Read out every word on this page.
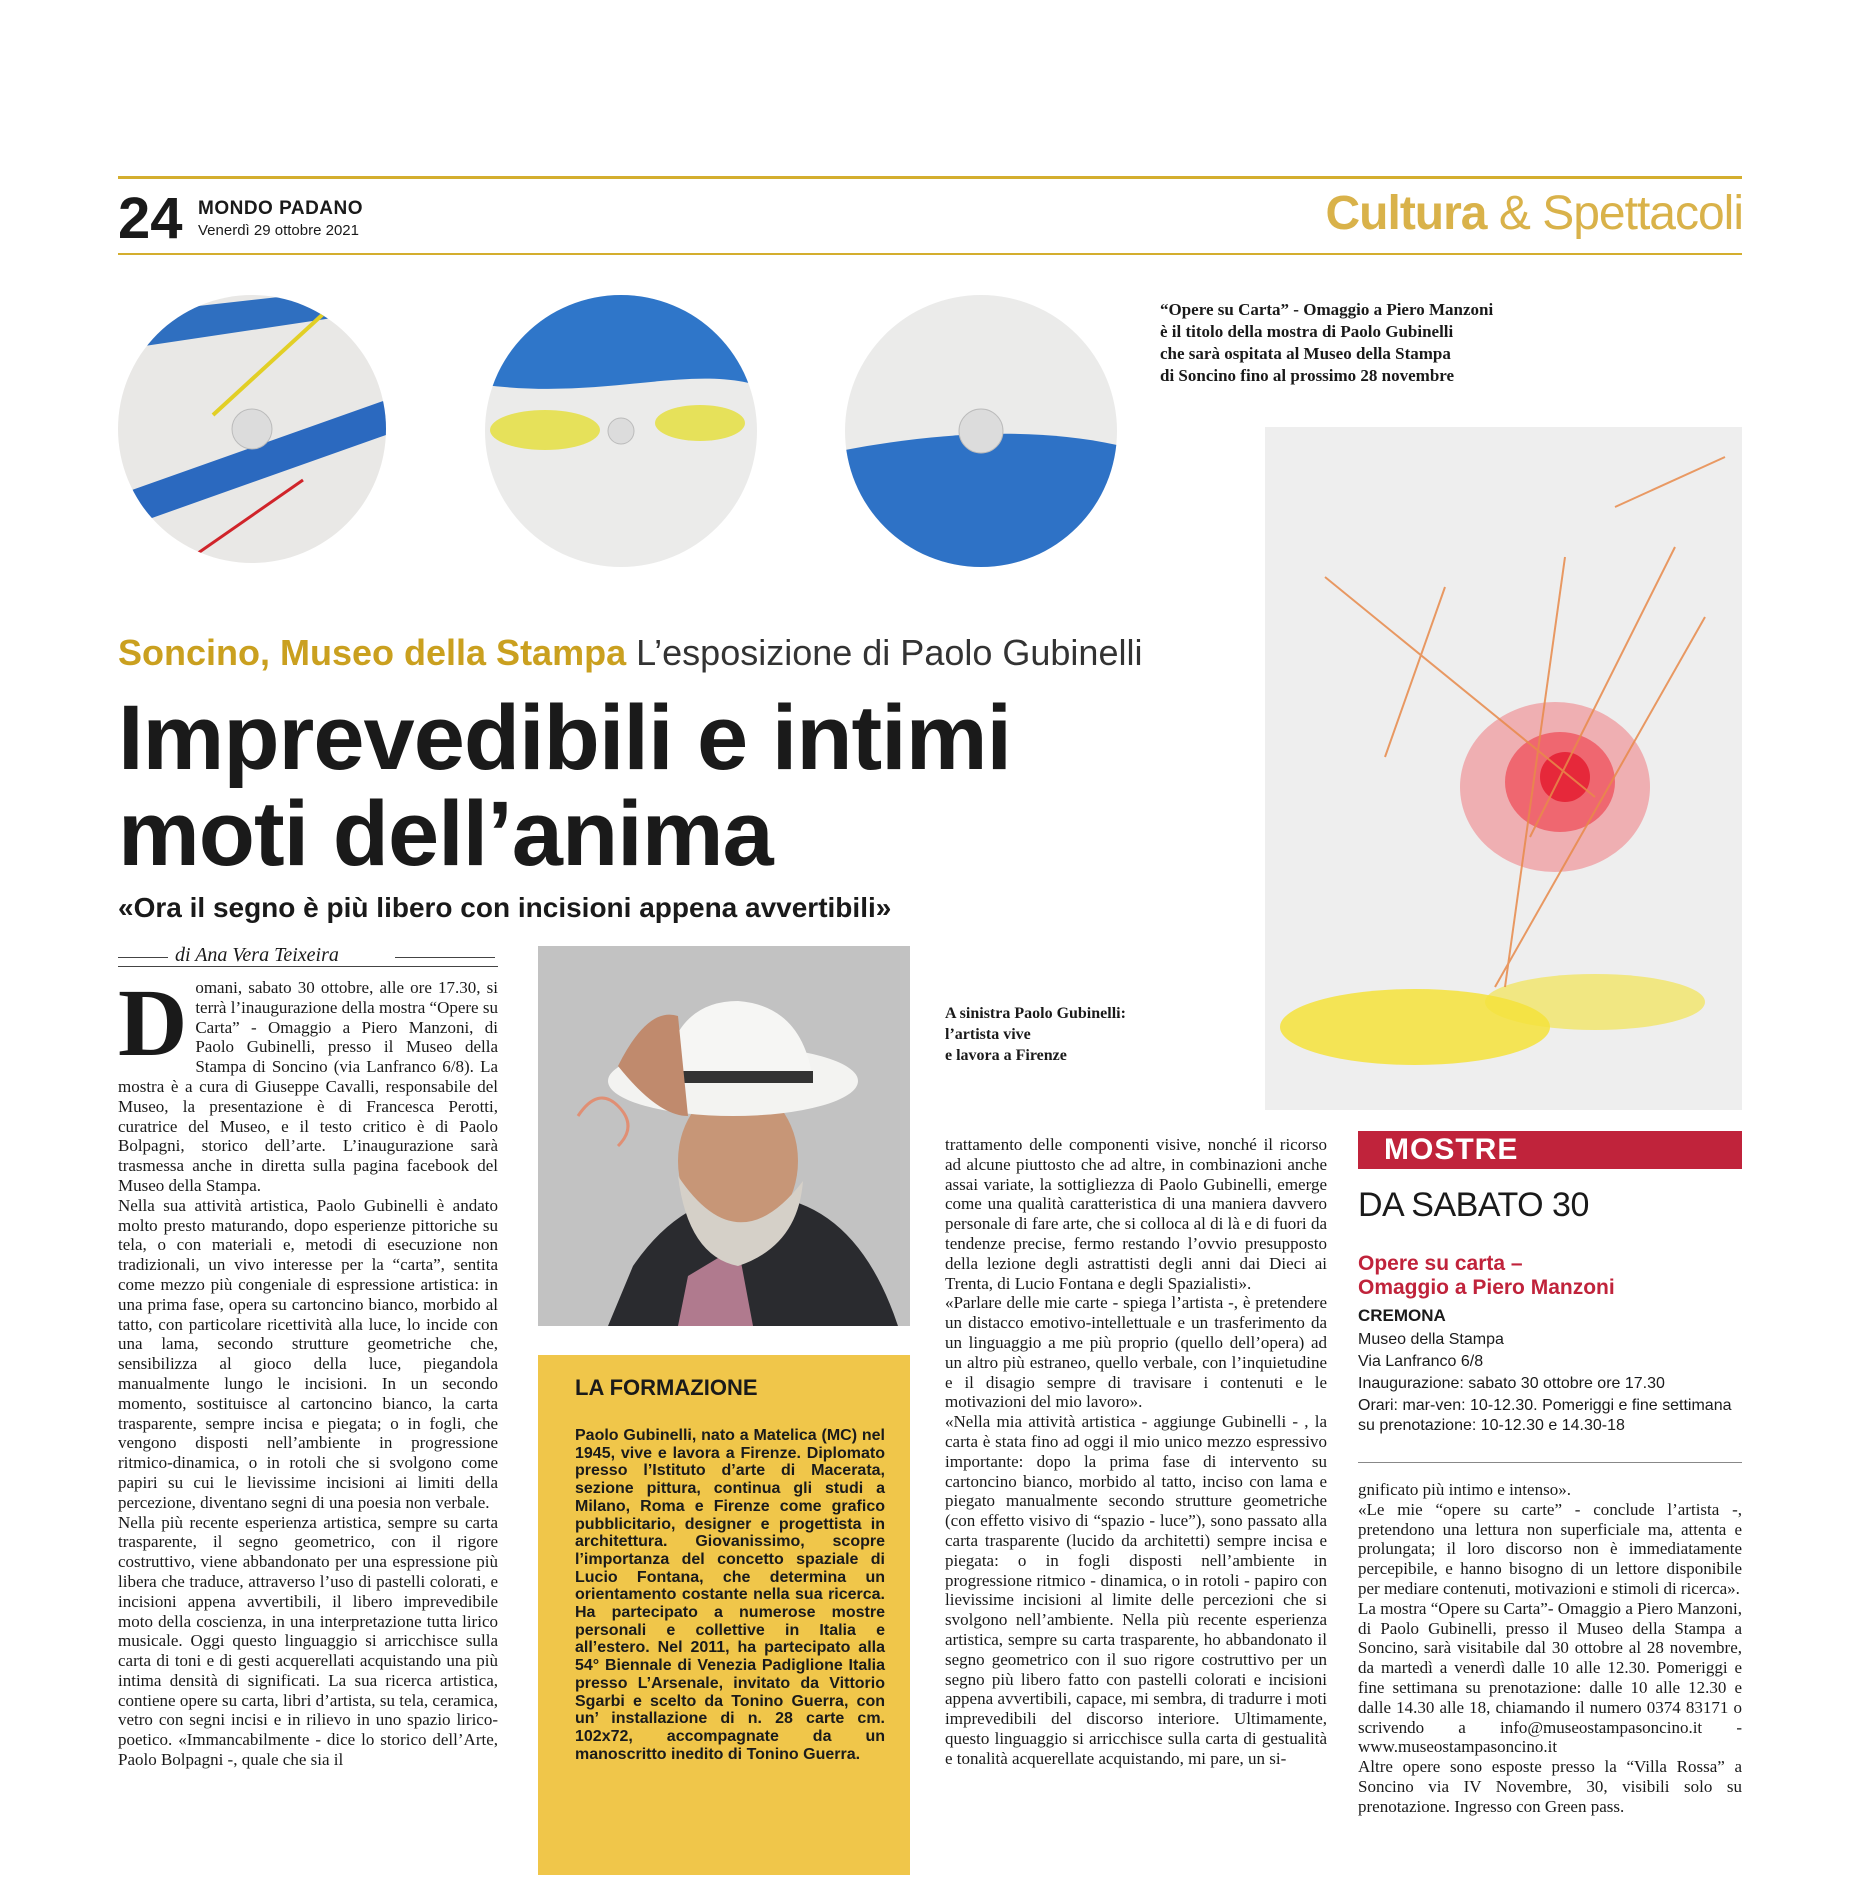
24 MONDO PADANO
Venerdì 29 ottobre 2021	Cultura & Spettacoli
“Opere su Carta” - Omaggio a Piero Manzoni
è il titolo della mostra di Paolo Gubinelli
che sarà ospitata al Museo della Stampa
di Soncino fino al prossimo 28 novembre
Soncino, Museo della Stampa L’esposizione di Paolo Gubinelli
Imprevedibili e intimi
moti dell’anima
«Ora il segno è più libero con incisioni appena avvertibili»
di Ana Vera Teixeira
D omani, sabato 30 ottobre, alle ore 17.30, si terrà l’inaugurazione della mostra “Opere su Carta” - Omaggio a Piero Manzoni, di Paolo Gubinelli, presso il Museo della Stampa di Soncino (via Lanfranco 6/8). La mostra è a cura di Giuseppe Cavalli, responsabile del Museo, la presentazione è di Francesca Perotti, curatrice del Museo, e il testo critico è di Paolo Bolpagni, storico dell’arte. L’inaugurazione sarà trasmessa anche in diretta sulla pagina facebook del Museo della Stampa.

Nella sua attività artistica, Paolo Gubinelli è andato molto presto maturando, dopo esperienze pittoriche su tela, o con materiali e, metodi di esecuzione non tradizionali, un vivo interesse per la “carta”, sentita come mezzo più congeniale di espressione artistica: in una prima fase, opera su cartoncino bianco, morbido al tatto, con particolare ricettività alla luce, lo incide con una lama, secondo strutture geometriche che, sensibilizza al gioco della luce, piegandola manualmente lungo le incisioni. In un secondo momento, sostituisce al cartoncino bianco, la carta trasparente, sempre incisa e piegata; o in fogli, che vengono disposti nell’ambiente in progressione ritmico-dinamica, o in rotoli che si svolgono come papiri su cui le lievissime incisioni ai limiti della percezione, diventano segni di una poesia non verbale.

Nella più recente esperienza artistica, sempre su carta trasparente, il segno geometrico, con il rigore costruttivo, viene abbandonato per una espressione più libera che traduce, attraverso l’uso di pastelli colorati, e incisioni appena avvertibili, il libero imprevedibile moto della coscienza, in una interpretazione tutta lirico musicale. Oggi questo linguaggio si arricchisce sulla carta di toni e di gesti acquerellati acquistando una più intima densità di significati. La sua ricerca artistica, contiene opere su carta, libri d’artista, su tela, ceramica, vetro con segni incisi e in rilievo in uno spazio lirico-poetico. «Immancabilmente - dice lo storico dell’Arte, Paolo Bolpagni -, quale che sia il

A sinistra Paolo Gubinelli:
l’artista vive
e lavora a Firenze
LA FORMAZIONE
Paolo Gubinelli, nato a Matelica (MC) nel 1945, vive e lavora a Firenze. Diplomato presso l’Istituto d’arte di Macerata, sezione pittura, continua gli studi a Milano, Roma e Firenze come grafico pubblicitario, designer e progettista in architettura. Giovanissimo, scopre l’importanza del concetto spaziale di Lucio Fontana, che determina un orientamento costante nella sua ricerca. Ha partecipato a numerose mostre personali e collettive in Italia e all’estero. Nel 2011, ha partecipato alla 54° Biennale di Venezia Padiglione Italia presso L’Arsenale, invitato da Vittorio Sgarbi e scelto da Tonino Guerra, con un’ installazione di n. 28 carte cm. 102x72, accompagnate da un manoscritto inedito di Tonino Guerra.

trattamento delle componenti visive, nonché il ricorso ad alcune piuttosto che ad altre, in combinazioni anche assai variate, la sottigliezza di Paolo Gubinelli, emerge come una qualità caratteristica di una maniera davvero personale di fare arte, che si colloca al di là e di fuori da tendenze precise, fermo restando l’ovvio presupposto della lezione degli astrattisti degli anni dai Dieci ai Trenta, di Lucio Fontana e degli Spazialisti».

«Parlare delle mie carte - spiega l’artista -, è pretendere un distacco emotivo-intellettuale e un trasferimento da un linguaggio a me più proprio (quello dell’opera) ad un altro più estraneo, quello verbale, con l’inquietudine e il disagio sempre di travisare i contenuti e le motivazioni del mio lavoro».

«Nella mia attività artistica - aggiunge Gubinelli - , la carta è stata fino ad oggi il mio unico mezzo espressivo importante: dopo la prima fase di intervento su cartoncino bianco, morbido al tatto, inciso con lama e piegato manualmente secondo strutture geometriche (con effetto visivo di “spazio - luce”), sono passato alla carta trasparente (lucido da architetti) sempre incisa e piegata: o in fogli disposti nell’ambiente in progressione ritmico - dinamica, o in rotoli - papiro con lievissime incisioni al limite delle percezioni che si svolgono nell’ambiente. Nella più recente esperienza artistica, sempre su carta trasparente, ho abbandonato il segno geometrico con il suo rigore costruttivo per un segno più libero fatto con pastelli colorati e incisioni appena avvertibili, capace, mi sembra, di tradurre i moti imprevedibili del discorso interiore. Ultimamente, questo linguaggio si arricchisce sulla carta di gestualità e tonalità acquerellate acquistando, mi pare, un si-

MOSTRE
DA SABATO 30
Opere su carta –
Omaggio a Piero Manzoni
CREMONA
Museo della Stampa
Via Lanfranco 6/8
Inaugurazione: sabato 30 ottobre ore 17.30
Orari: mar-ven: 10-12.30. Pomeriggi e fine settimana su prenotazione: 10-12.30 e 14.30-18

gnificato più intimo e intenso».

«Le mie “opere su carte” - conclude l’artista -, pretendono una lettura non superficiale ma, attenta e prolungata; il loro discorso non è immediatamente percepibile, e hanno bisogno di un lettore disponibile per mediare contenuti, motivazioni e stimoli di ricerca».

La mostra “Opere su Carta”- Omaggio a Piero Manzoni, di Paolo Gubinelli, presso il Museo della Stampa a Soncino, sarà visitabile dal 30 ottobre al 28 novembre, da martedì a venerdì dalle 10 alle 12.30. Pomeriggi e fine settimana su prenotazione: dalle 10 alle 12.30 e dalle 14.30 alle 18, chiamando il numero 0374 83171 o scrivendo a info@museostampasoncino.it - www.museostampasoncino.it

Altre opere sono esposte presso la “Villa Rossa” a Soncino via IV Novembre, 30, visibili solo su prenotazione. Ingresso con Green pass.
